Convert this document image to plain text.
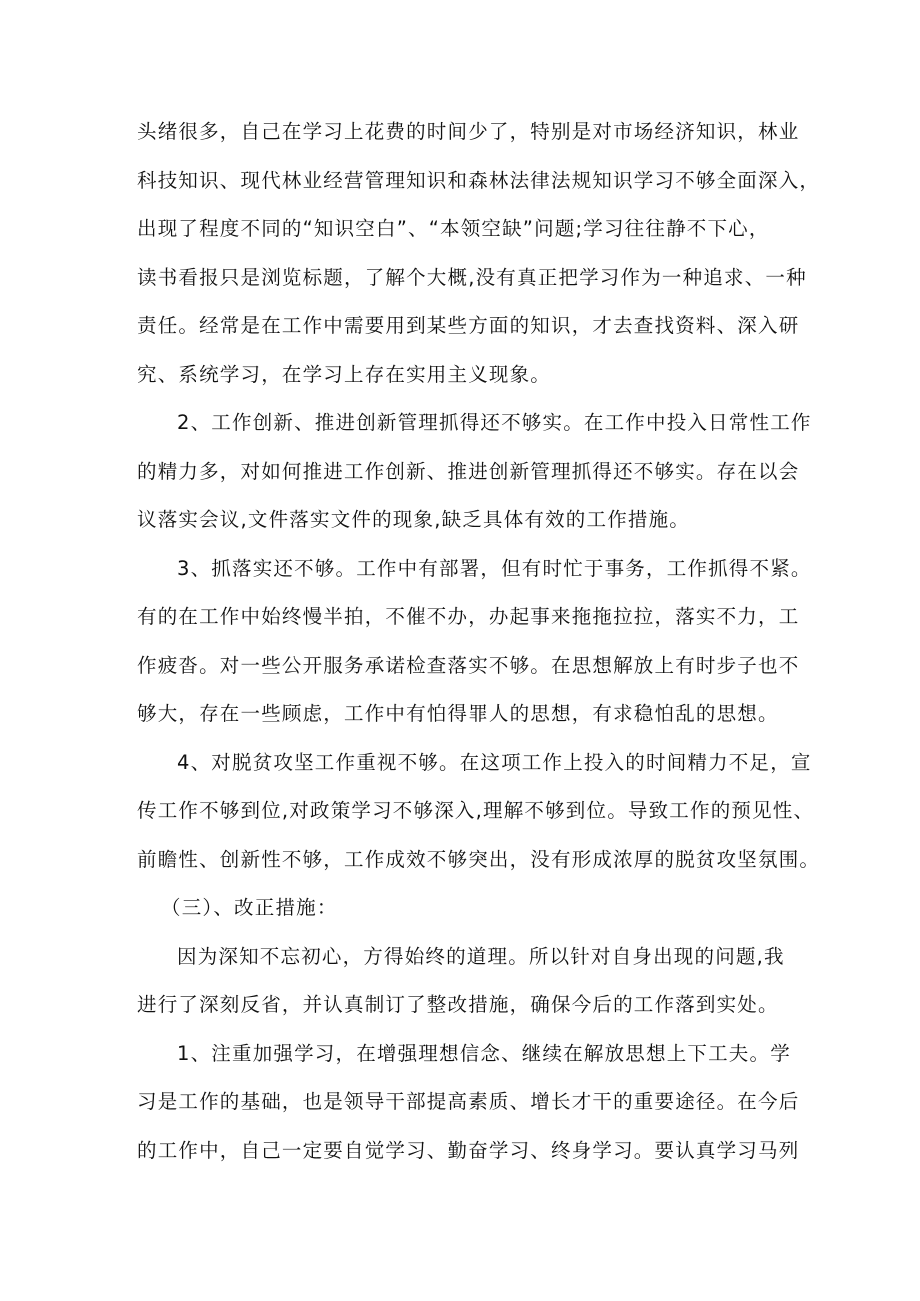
头绪很多，自己在学习上花费的时间少了，特别是对市场经济知识，林业
科技知识、现代林业经营管理知识和森林法律法规知识学习不够全面深入，
出现了程度不同的“知识空白”、“本领空缺”问题;学习往往静不下心，
读书看报只是浏览标题，了解个大概,没有真正把学习作为一种追求、一种
责任。经常是在工作中需要用到某些方面的知识，才去查找资料、深入研
究、系统学习，在学习上存在实用主义现象。

2、工作创新、推进创新管理抓得还不够实。在工作中投入日常性工作
的精力多，对如何推进工作创新、推进创新管理抓得还不够实。存在以会
议落实会议,文件落实文件的现象,缺乏具体有效的工作措施。

3、抓落实还不够。工作中有部署，但有时忙于事务，工作抓得不紧。
有的在工作中始终慢半拍，不催不办，办起事来拖拖拉拉，落实不力，工
作疲沓。对一些公开服务承诺检查落实不够。在思想解放上有时步子也不
够大，存在一些顾虑，工作中有怕得罪人的思想，有求稳怕乱的思想。

4、对脱贫攻坚工作重视不够。在这项工作上投入的时间精力不足，宣
传工作不够到位,对政策学习不够深入,理解不够到位。导致工作的预见性、
前瞻性、创新性不够，工作成效不够突出，没有形成浓厚的脱贫攻坚氛围。

（三）、改正措施：

因为深知不忘初心，方得始终的道理。所以针对自身出现的问题,我
进行了深刻反省，并认真制订了整改措施，确保今后的工作落到实处。

1、注重加强学习，在增强理想信念、继续在解放思想上下工夫。学
习是工作的基础，也是领导干部提高素质、增长才干的重要途径。在今后
的工作中，自己一定要自觉学习、勤奋学习、终身学习。要认真学习马列
